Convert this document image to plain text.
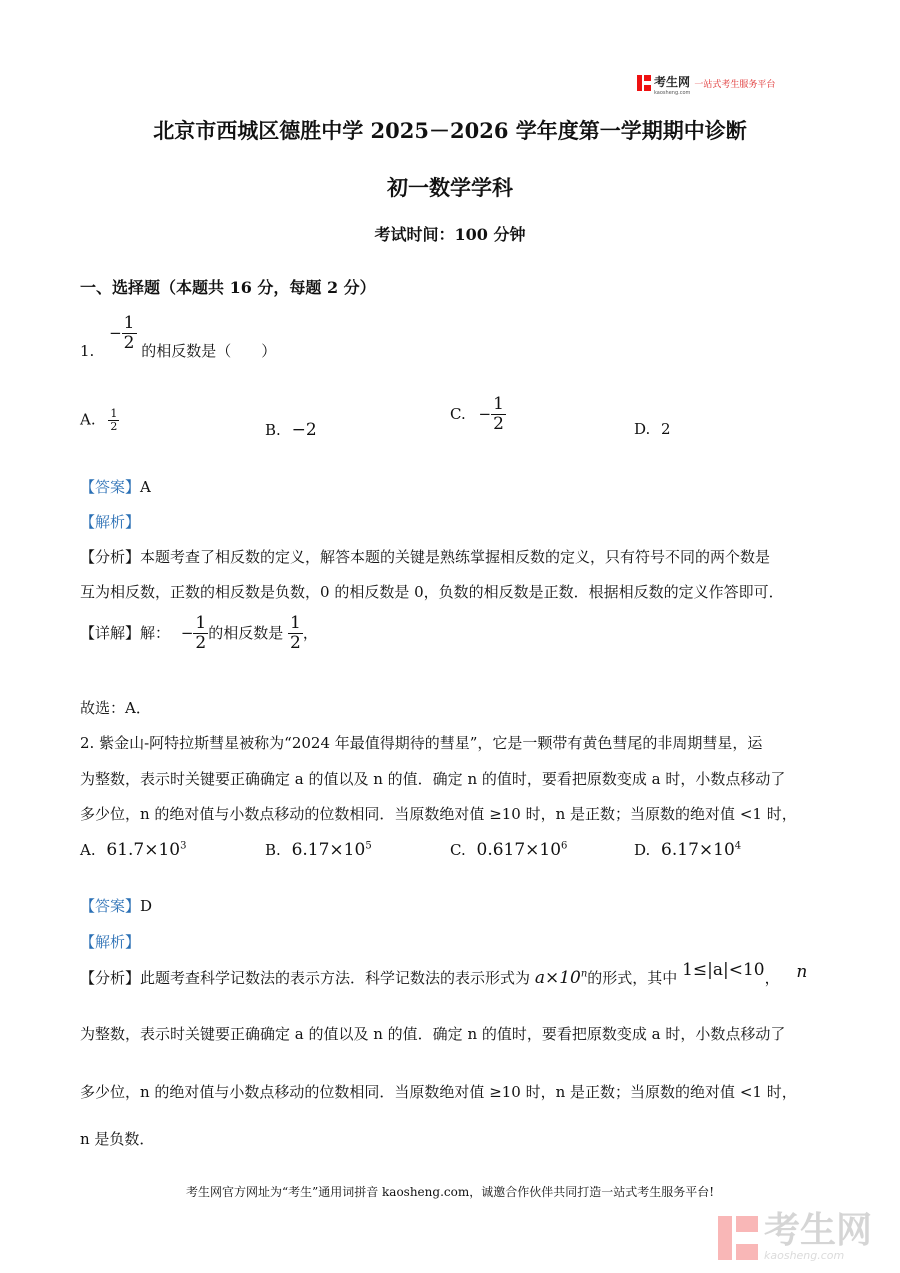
考生网
kaosheng.com
一站式考生服务平台
北京市西城区德胜中学 2025－2026 学年度第一学期期中诊断
初一数学学科
考试时间：100 分钟
一、选择题（本题共 16 分，每题 2 分）
1. − $\frac{1}{2}$ 的相反数是（　　）
A. $\frac{1}{2}$	B. −2
C. − $\frac{1}{2}$	D. 2
【答案】A
【解析】
【分析】本题考查了相反数的定义，解答本题的关键是熟练掌握相反数的定义，只有符号不同的两个数是
互为相反数，正数的相反数是负数，0 的相反数是 0，负数的相反数是正数．根据相反数的定义作答即可．
【详解】解： − $\frac{1}{2}$ 的相反数是 $\frac{1}{2}$ ，
故选：A．
2. 紫金山-阿特拉斯彗星被称为“2024 年最值得期待的彗星”，它是一颗带有黄色彗尾的非周期彗星，运
为整数，表示时关键要正确确定 a 的值以及 n 的值．确定 n 的值时，要看把原数变成 a 时，小数点移动了
多少位，n 的绝对值与小数点移动的位数相同．当原数绝对值 ≥10 时，n 是正数；当原数的绝对值 <1 时，
A. $61.7\times 10^3$	B. $6.17\times 10^5$	C. $0.617\times 10^6$	D. $6.17\times 10^4$
【答案】D
【解析】
【分析】此题考查科学记数法的表示方法．科学记数法的表示形式为 $a\times 10^n$的形式，其中 1≤|a|<10， n
为整数，表示时关键要正确确定 a 的值以及 n 的值．确定 n 的值时，要看把原数变成 a 时，小数点移动了
多少位，n 的绝对值与小数点移动的位数相同．当原数绝对值 ≥10 时，n 是正数；当原数的绝对值 <1 时，
n 是负数．
考生网官方网址为“考生”通用词拼音 kaosheng.com，诚邀合作伙伴共同打造一站式考生服务平台!
考生网
kaosheng.com
